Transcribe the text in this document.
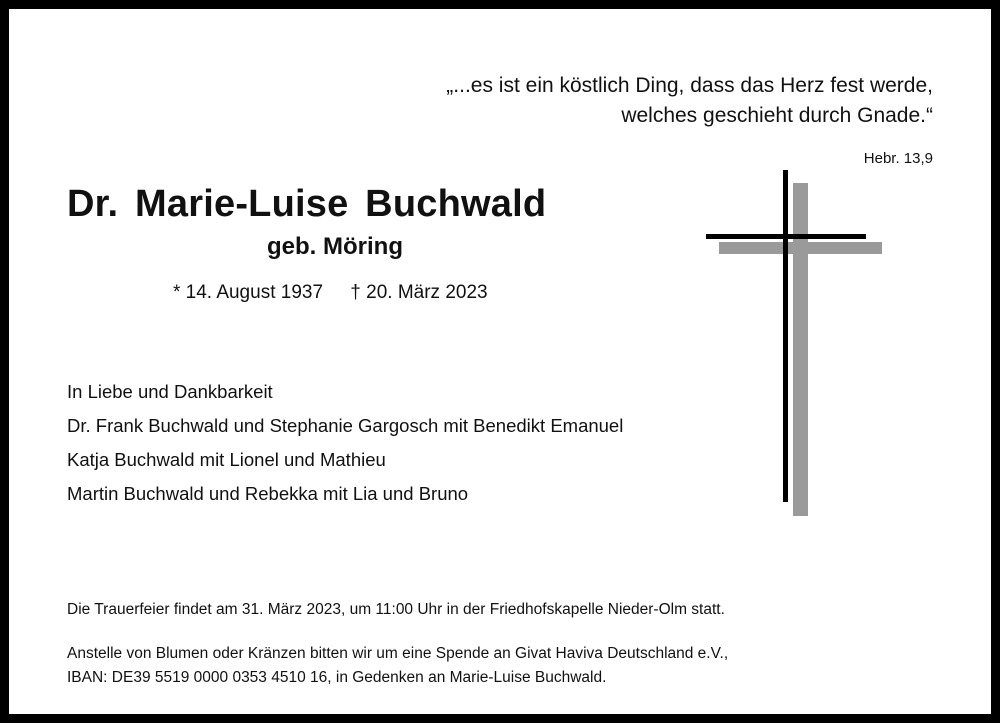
„...es ist ein köstlich Ding, dass das Herz fest werde,
welches geschieht durch Gnade.“
Hebr. 13,9
Dr. Marie-Luise Buchwald
geb. Möring
* 14. August 1937 † 20. März 2023
In Liebe und Dankbarkeit
Dr. Frank Buchwald und Stephanie Gargosch mit Benedikt Emanuel
Katja Buchwald mit Lionel und Mathieu
Martin Buchwald und Rebekka mit Lia und Bruno
Die Trauerfeier findet am 31. März 2023, um 11:00 Uhr in der Friedhofskapelle Nieder-Olm statt.
Anstelle von Blumen oder Kränzen bitten wir um eine Spende an Givat Haviva Deutschland e.V.,
IBAN: DE39 5519 0000 0353 4510 16, in Gedenken an Marie-Luise Buchwald.
